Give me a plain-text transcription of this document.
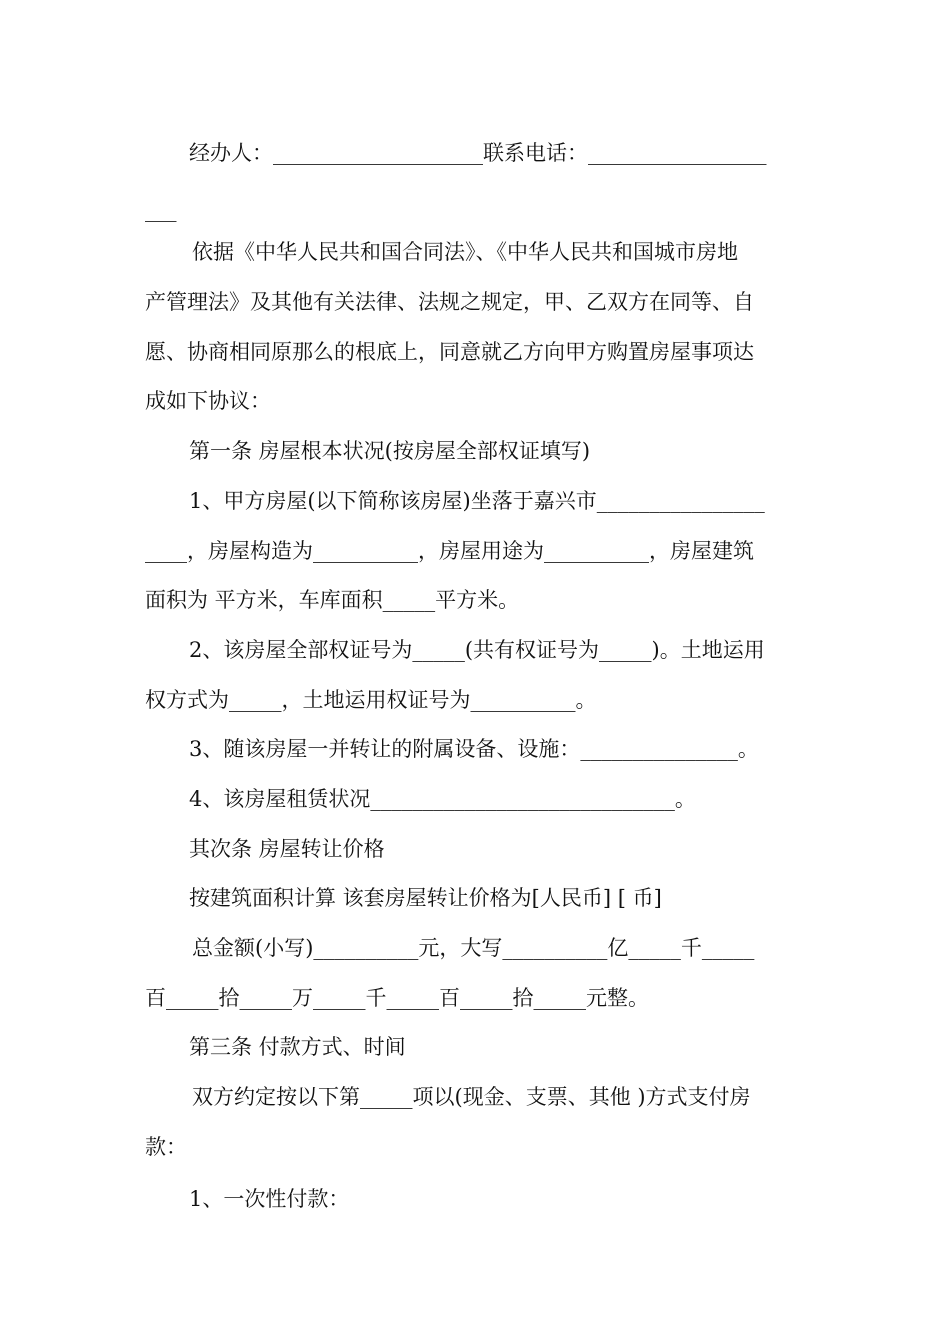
经办人：____________________联系电话：_________________
___
依据《中华人民共和国合同法》、《中华人民共和国城市房地
产管理法》及其他有关法律、法规之规定，甲、乙双方在同等、自
愿、协商相同原那么的根底上，同意就乙方向甲方购置房屋事项达
成如下协议：
第一条 房屋根本状况(按房屋全部权证填写)
1、甲方房屋(以下简称该房屋)坐落于嘉兴市________________
____，房屋构造为__________，房屋用途为__________，房屋建筑
面积为 平方米，车库面积_____平方米。
2、该房屋全部权证号为_____(共有权证号为_____)。土地运用
权方式为_____，土地运用权证号为__________。
3、随该房屋一并转让的附属设备、设施：_______________。
4、该房屋租赁状况_____________________________。
其次条 房屋转让价格
按建筑面积计算 该套房屋转让价格为[人民币] [ 币]
总金额(小写)__________元，大写__________亿_____千_____
百_____拾_____万_____千_____百_____拾_____元整。
第三条 付款方式、时间
双方约定按以下第_____项以(现金、支票、其他 )方式支付房
款：
1、一次性付款：
